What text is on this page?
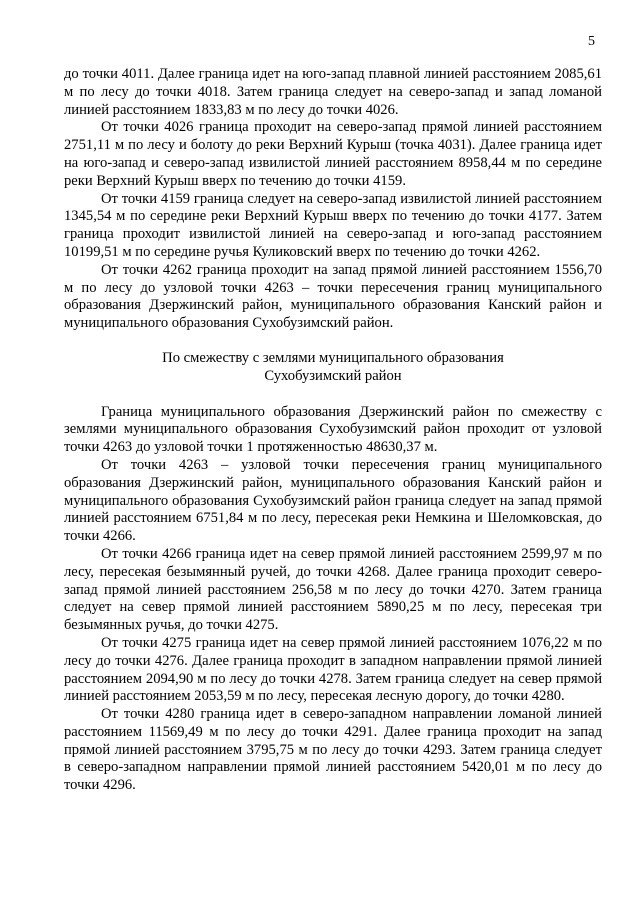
5

до точки 4011. Далее граница идет на юго-запад плавной линией расстоянием 2085,61 м по лесу до точки 4018. Затем граница следует на северо-запад и запад ломаной линией расстоянием 1833,83 м по лесу до точки 4026.

От точки 4026 граница проходит на северо-запад прямой линией расстоянием 2751,11 м по лесу и болоту до реки Верхний Курыш (точка 4031). Далее граница идет на юго-запад и северо-запад извилистой линией расстоянием 8958,44 м по середине реки Верхний Курыш вверх по течению до точки 4159.

От точки 4159 граница следует на северо-запад извилистой линией расстоянием 1345,54 м по середине реки Верхний Курыш вверх по течению до точки 4177. Затем граница проходит извилистой линией на северо-запад и юго-запад расстоянием 10199,51 м по середине ручья Куликовский вверх по течению до точки 4262.

От точки 4262 граница проходит на запад прямой линией расстоянием 1556,70 м по лесу до узловой точки 4263 – точки пересечения границ муниципального образования Дзержинский район, муниципального образования Канский район и муниципального образования Сухобузимский район.

По смежеству с землями муниципального образования
Сухобузимский район

Граница муниципального образования Дзержинский район по смежеству с землями муниципального образования Сухобузимский район проходит от узловой точки 4263 до узловой точки 1 протяженностью 48630,37 м.

От точки 4263 – узловой точки пересечения границ муниципального образования Дзержинский район, муниципального образования Канский район и муниципального образования Сухобузимский район граница следует на запад прямой линией расстоянием 6751,84 м по лесу, пересекая реки Немкина и Шеломковская, до точки 4266.

От точки 4266 граница идет на север прямой линией расстоянием 2599,97 м по лесу, пересекая безымянный ручей, до точки 4268. Далее граница проходит северо-запад прямой линией расстоянием 256,58 м по лесу до точки 4270. Затем граница следует на север прямой линией расстоянием 5890,25 м по лесу, пересекая три безымянных ручья, до точки 4275.

От точки 4275 граница идет на север прямой линией расстоянием 1076,22 м по лесу до точки 4276. Далее граница проходит в западном направлении прямой линией расстоянием 2094,90 м по лесу до точки 4278. Затем граница следует на север прямой линией расстоянием 2053,59 м по лесу, пересекая лесную дорогу, до точки 4280.

От точки 4280 граница идет в северо-западном направлении ломаной линией расстоянием 11569,49 м по лесу до точки 4291. Далее граница проходит на запад прямой линией расстоянием 3795,75 м по лесу до точки 4293. Затем граница следует в северо-западном направлении прямой линией расстоянием 5420,01 м по лесу до точки 4296.
